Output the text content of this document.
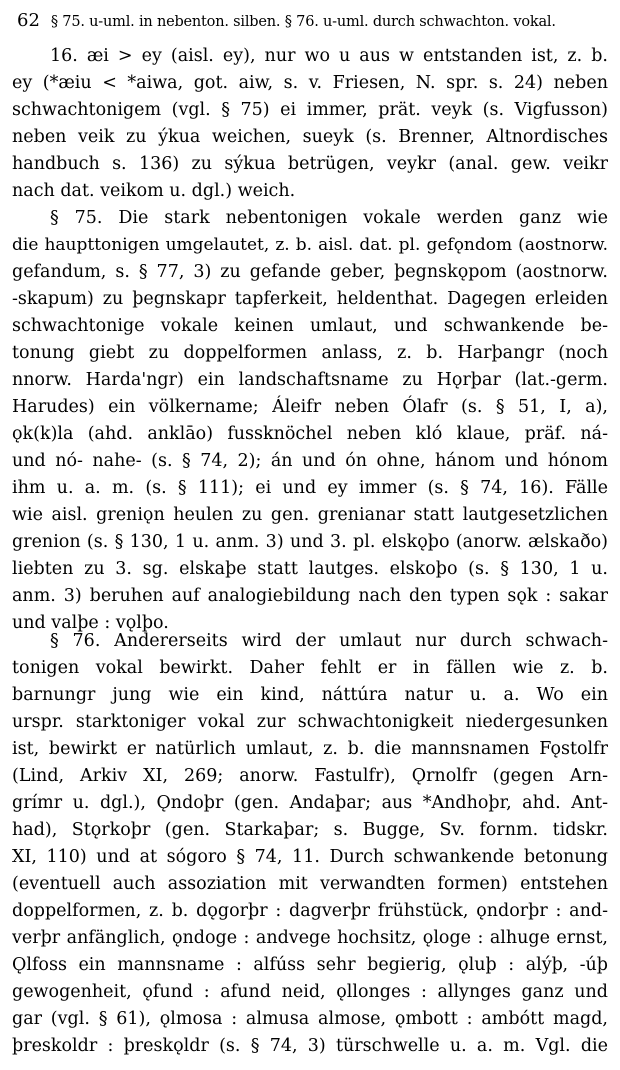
62 § 75. u-uml. in nebenton. silben. § 76. u-uml. durch schwachton. vokal.
16. æi > ey (aisl. ey), nur wo u aus w entstanden ist, z. b.
ey (*æiu < *aiwa, got. aiw, s. v. Friesen, N. spr. s. 24) neben
schwachtonigem (vgl. § 75) ei immer, prät. veyk (s. Vigfusson)
neben veik zu ýkua weichen, sueyk (s. Brenner, Altnordisches
handbuch s. 136) zu sýkua betrügen, veykr (anal. gew. veikr
nach dat. veikom u. dgl.) weich.
§ 75. Die stark nebentonigen vokale werden ganz wie
die haupttonigen umgelautet, z. b. aisl. dat. pl. gefǫndom (aostnorw.
gefandum, s. § 77, 3) zu gefande geber, þegnskǫpom (aostnorw.
-skapum) zu þegnskapr tapferkeit, heldenthat. Dagegen erleiden
schwachtonige vokale keinen umlaut, und schwankende be-
tonung giebt zu doppelformen anlass, z. b. Harþangr (noch
nnorw. Harda'ngr) ein landschaftsname zu Hǫrþar (lat.-germ.
Harudes) ein völkername; Áleifr neben Ólafr (s. § 51, I, a),
ǫk(k)la (ahd. anklāo) fussknöchel neben kló klaue, präf. ná-
und nó- nahe- (s. § 74, 2); án und ón ohne, hánom und hónom
ihm u. a. m. (s. § 111); ei und ey immer (s. § 74, 16). Fälle
wie aisl. greniǫn heulen zu gen. grenianar statt lautgesetzlichen
grenion (s. § 130, 1 u. anm. 3) und 3. pl. elskǫþo (anorw. ælskaðo)
liebten zu 3. sg. elskaþe statt lautges. elskoþo (s. § 130, 1 u.
anm. 3) beruhen auf analogiebildung nach den typen sǫk : sakar
und valþe : vǫlþo.
§ 76. Andererseits wird der umlaut nur durch schwach-
tonigen vokal bewirkt. Daher fehlt er in fällen wie z. b.
barnungr jung wie ein kind, náttúra natur u. a. Wo ein
urspr. starktoniger vokal zur schwachtonigkeit niedergesunken
ist, bewirkt er natürlich umlaut, z. b. die mannsnamen Fǫstolfr
(Lind, Arkiv XI, 269; anorw. Fastulfr), Ǫrnolfr (gegen Arn-
grímr u. dgl.), Ǫndoþr (gen. Andaþar; aus *Andhoþr, ahd. Ant-
had), Stǫrkoþr (gen. Starkaþar; s. Bugge, Sv. fornm. tidskr.
XI, 110) und at sógoro § 74, 11. Durch schwankende betonung
(eventuell auch assoziation mit verwandten formen) entstehen
doppelformen, z. b. dǫgorþr : dagverþr frühstück, ǫndorþr : and-
verþr anfänglich, ǫndoge : andvege hochsitz, ǫloge : alhuge ernst,
Ǫlfoss ein mannsname : alfúss sehr begierig, ǫluþ : alýþ, -úþ
gewogenheit, ǫfund : afund neid, ǫllonges : allynges ganz und
gar (vgl. § 61), ǫlmosa : almusa almose, ǫmbott : ambótt magd,
þreskoldr : þreskǫldr (s. § 74, 3) türschwelle u. a. m. Vgl. die
